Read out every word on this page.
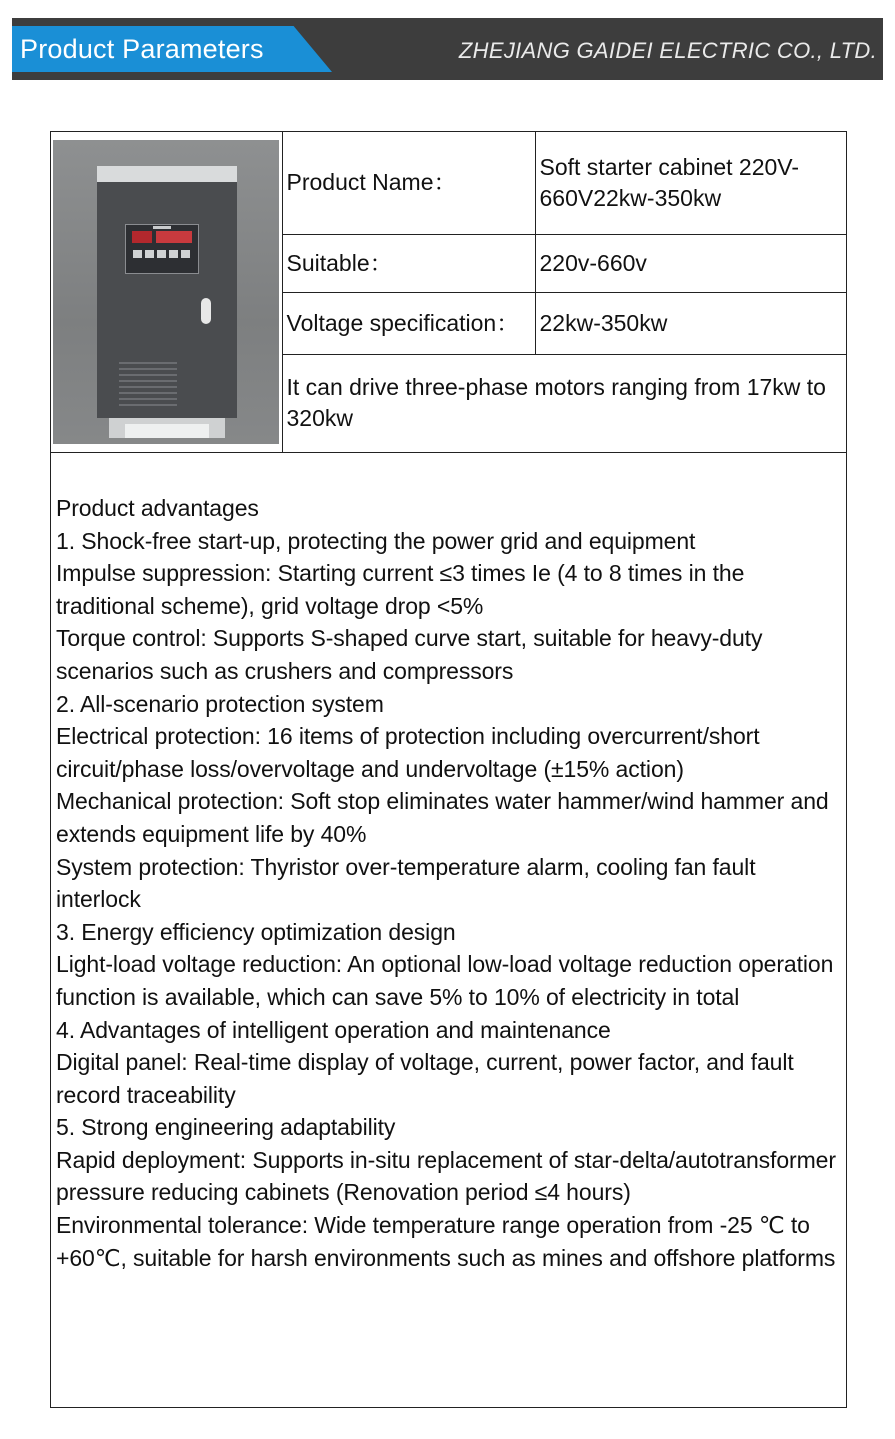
Product Parameters	ZHEJIANG GAIDEI ELECTRIC CO., LTD.
	Product Name：	Soft starter cabinet 220V-660V22kw-350kw
	Suitable：	220v-660v
	Voltage specification：	22kw-350kw
	It can drive three-phase motors ranging from 17kw to 320kw	

Product advantages

1. Shock-free start-up, protecting the power grid and equipment

Impulse suppression: Starting current ≤3 times Ie (4 to 8 times in the traditional scheme), grid voltage drop <5%

Torque control: Supports S-shaped curve start, suitable for heavy-duty scenarios such as crushers and compressors

2. All-scenario protection system

Electrical protection: 16 items of protection including overcurrent/short circuit/phase loss/overvoltage and undervoltage (±15% action)

Mechanical protection: Soft stop eliminates water hammer/wind hammer and extends equipment life by 40%

System protection: Thyristor over-temperature alarm, cooling fan fault interlock

3. Energy efficiency optimization design

Light-load voltage reduction: An optional low-load voltage reduction operation function is available, which can save 5% to 10% of electricity in total

4. Advantages of intelligent operation and maintenance

Digital panel: Real-time display of voltage, current, power factor, and fault record traceability

5. Strong engineering adaptability

Rapid deployment: Supports in-situ replacement of star-delta/autotransformer pressure reducing cabinets (Renovation period ≤4 hours)

Environmental tolerance: Wide temperature range operation from -25 ℃ to +60℃, suitable for harsh environments such as mines and offshore platforms
